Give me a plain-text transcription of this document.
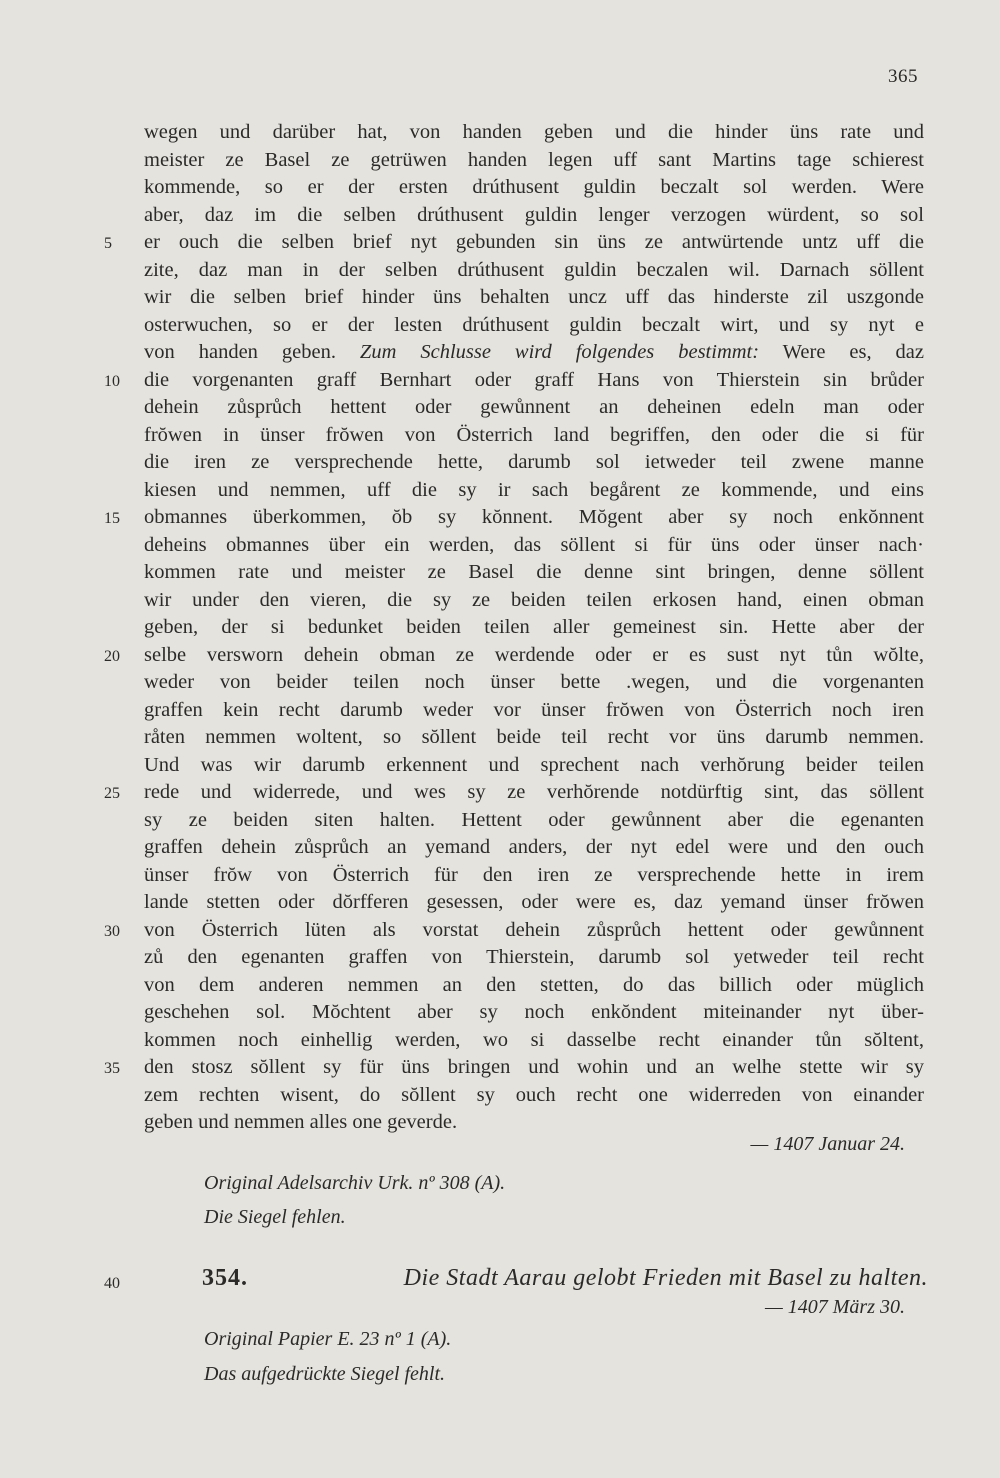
365
wegen und darüber hat, von handen geben und die hinder üns rate und
meister ze Basel ze getrüwen handen legen uff sant Martins tage schierest
kommende, so er der ersten drúthusent guldin beczalt sol werden. Were
aber, daz im die selben drúthusent guldin lenger verzogen würdent, so sol
er ouch die selben brief nyt gebunden sin üns ze antwürtende untz uff die
5
zite, daz man in der selben drúthusent guldin beczalen wil. Darnach söllent
wir die selben brief hinder üns behalten uncz uff das hinderste zil uszgonde
osterwuchen, so er der lesten drúthusent guldin beczalt wirt, und sy nyt e
von handen geben. Zum Schlusse wird folgendes bestimmt: Were es, daz
die vorgenanten graff Bernhart oder graff Hans von Thierstein sin brůder
10
dehein zůsprůch hettent oder gewůnnent an deheinen edeln man oder
frŏwen in ünser frŏwen von Österrich land begriffen, den oder die si für
die iren ze versprechende hette, darumb sol ietweder teil zwene manne
kiesen und nemmen, uff die sy ir sach begårent ze kommende, und eins
obmannes überkommen, ŏb sy kŏnnent. Mŏgent aber sy noch enkŏnnent
15
deheins obmannes über ein werden, das söllent si für üns oder ünser nach·
kommen rate und meister ze Basel die denne sint bringen, denne söllent
wir under den vieren, die sy ze beiden teilen erkosen hand, einen obman
geben, der si bedunket beiden teilen aller gemeinest sin. Hette aber der
selbe versworn dehein obman ze werdende oder er es sust nyt tůn wŏlte,
20
weder von beider teilen noch ünser bette .wegen, und die vorgenanten
graffen kein recht darumb weder vor ünser frŏwen von Österrich noch iren
råten nemmen woltent, so sŏllent beide teil recht vor üns darumb nemmen.
Und was wir darumb erkennent und sprechent nach verhŏrung beider teilen
rede und widerrede, und wes sy ze verhŏrende notdürftig sint, das söllent
25
sy ze beiden siten halten. Hettent oder gewůnnent aber die egenanten
graffen dehein zůsprůch an yemand anders, der nyt edel were und den ouch
ünser frŏw von Österrich für den iren ze versprechende hette in irem
lande stetten oder dŏrfferen gesessen, oder were es, daz yemand ünser frŏwen
von Österrich lüten als vorstat dehein zůsprůch hettent oder gewůnnent
30
zů den egenanten graffen von Thierstein, darumb sol yetweder teil recht
von dem anderen nemmen an den stetten, do das billich oder müglich
geschehen sol. Mŏchtent aber sy noch enkŏndent miteinander nyt über-
kommen noch einhellig werden, wo si dasselbe recht einander tůn sŏltent,
den stosz sŏllent sy für üns bringen und wohin und an welhe stette wir sy
35
zem rechten wisent, do sŏllent sy ouch recht one widerreden von einander
geben und nemmen alles one geverde.
— 1407 Januar 24.
Original Adelsarchiv Urk. nº 308 (A).
Die Siegel fehlen.
40	354.	Die Stadt Aarau gelobt Frieden mit Basel zu halten.
— 1407 März 30.
Original Papier E. 23 nº 1 (A).
Das aufgedrückte Siegel fehlt.
